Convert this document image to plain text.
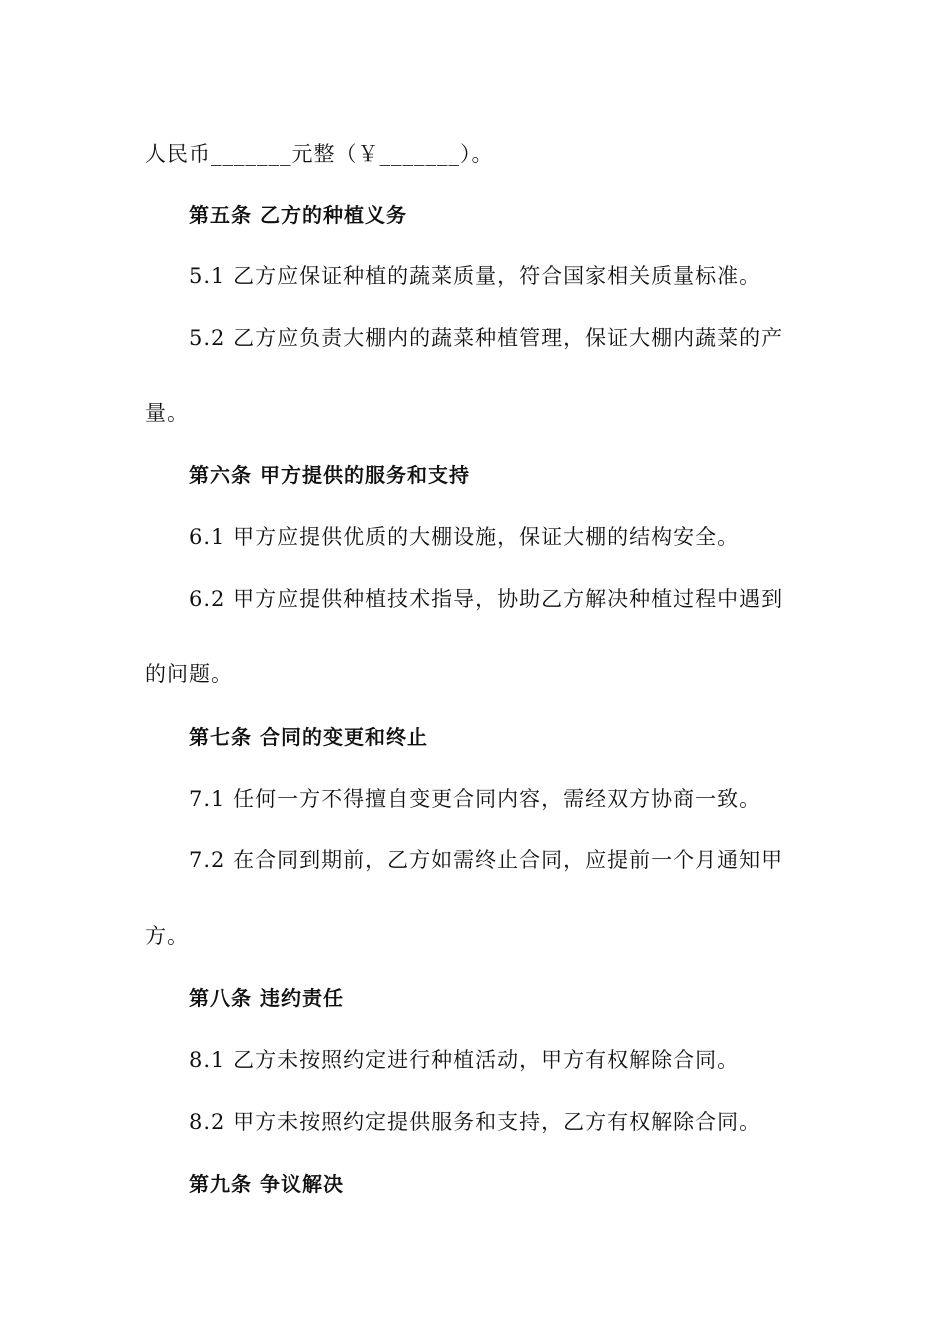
人民币_______元整（￥_______）。
第五条 乙方的种植义务
5.1 乙方应保证种植的蔬菜质量，符合国家相关质量标准。
5.2 乙方应负责大棚内的蔬菜种植管理，保证大棚内蔬菜的产
量。
第六条 甲方提供的服务和支持
6.1 甲方应提供优质的大棚设施，保证大棚的结构安全。
6.2 甲方应提供种植技术指导，协助乙方解决种植过程中遇到
的问题。
第七条 合同的变更和终止
7.1 任何一方不得擅自变更合同内容，需经双方协商一致。
7.2 在合同到期前，乙方如需终止合同，应提前一个月通知甲
方。
第八条 违约责任
8.1 乙方未按照约定进行种植活动，甲方有权解除合同。
8.2 甲方未按照约定提供服务和支持，乙方有权解除合同。
第九条 争议解决
